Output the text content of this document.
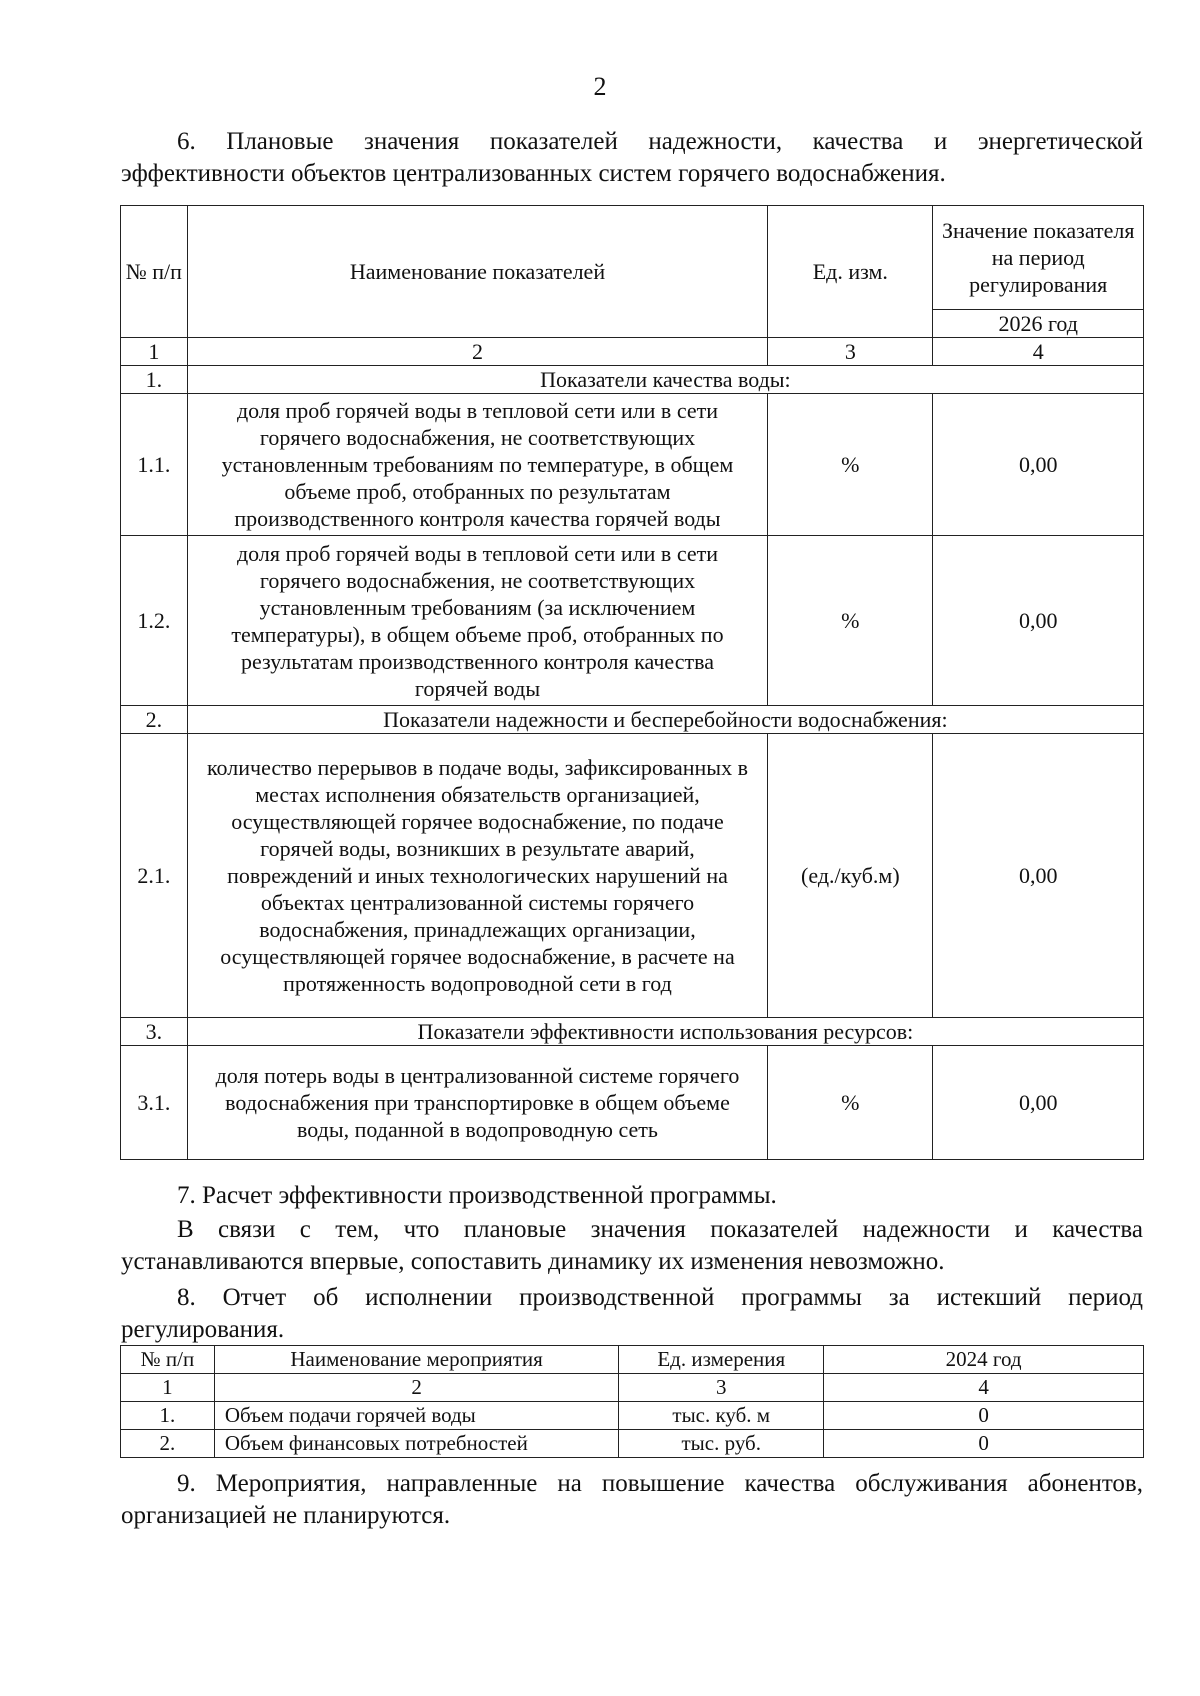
2

6. Плановые значения показателей надежности, качества и энергетической эффективности объектов централизованных систем горячего водоснабжения.

№ п/п	Наименование показателей	Ед. изм.	Значение показателя на период регулирования
			2026 год
1	2	3	4
1.	Показатели качества воды:		
1.1.	доля проб горячей воды в тепловой сети или в сети горячего водоснабжения, не соответствующих установленным требованиям по температуре, в общем объеме проб, отобранных по результатам производственного контроля качества горячей воды	%	0,00
1.2.	доля проб горячей воды в тепловой сети или в сети горячего водоснабжения, не соответствующих установленным требованиям (за исключением температуры), в общем объеме проб, отобранных по результатам производственного контроля качества горячей воды	%	0,00
2.	Показатели надежности и бесперебойности водоснабжения:		
2.1.	количество перерывов в подаче воды, зафиксированных в местах исполнения обязательств организацией, осуществляющей горячее водоснабжение, по подаче горячей воды, возникших в результате аварий, повреждений и иных технологических нарушений на объектах централизованной системы горячего водоснабжения, принадлежащих организации, осуществляющей горячее водоснабжение, в расчете на протяженность водопроводной сети в год	(ед./куб.м)	0,00
3.	Показатели эффективности использования ресурсов:		
3.1.	доля потерь воды в централизованной системе горячего водоснабжения при транспортировке в общем объеме воды, поданной в водопроводную сеть	%	0,00

7. Расчет эффективности производственной программы.

В связи с тем, что плановые значения показателей надежности и качества устанавливаются впервые, сопоставить динамику их изменения невозможно.

8. Отчет об исполнении производственной программы за истекший период регулирования.

№ п/п	Наименование мероприятия	Ед. измерения	2024 год
1	2	3	4
1.	Объем подачи горячей воды	тыс. куб. м	0
2.	Объем финансовых потребностей	тыс. руб.	0

9. Мероприятия, направленные на повышение качества обслуживания абонентов, организацией не планируются.
